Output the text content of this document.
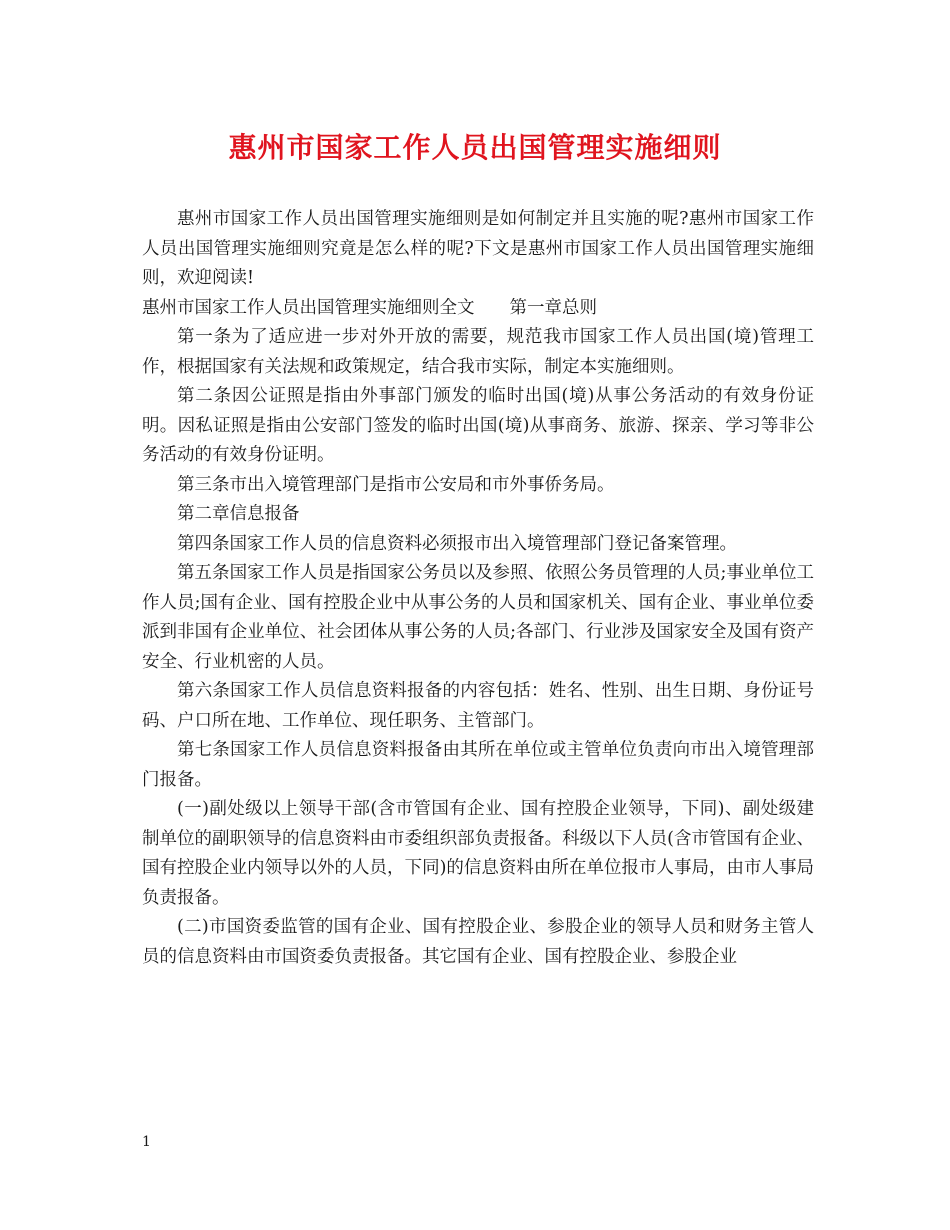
惠州市国家工作人员出国管理实施细则

惠州市国家工作人员出国管理实施细则是如何制定并且实施的呢?惠州市国家工作人员出国管理实施细则究竟是怎么样的呢?下文是惠州市国家工作人员出国管理实施细则，欢迎阅读!

惠州市国家工作人员出国管理实施细则全文　　第一章总则

第一条为了适应进一步对外开放的需要，规范我市国家工作人员出国(境)管理工作，根据国家有关法规和政策规定，结合我市实际，制定本实施细则。

第二条因公证照是指由外事部门颁发的临时出国(境)从事公务活动的有效身份证明。因私证照是指由公安部门签发的临时出国(境)从事商务、旅游、探亲、学习等非公务活动的有效身份证明。

第三条市出入境管理部门是指市公安局和市外事侨务局。

第二章信息报备

第四条国家工作人员的信息资料必须报市出入境管理部门登记备案管理。

第五条国家工作人员是指国家公务员以及参照、依照公务员管理的人员;事业单位工作人员;国有企业、国有控股企业中从事公务的人员和国家机关、国有企业、事业单位委派到非国有企业单位、社会团体从事公务的人员;各部门、行业涉及国家安全及国有资产安全、行业机密的人员。

第六条国家工作人员信息资料报备的内容包括：姓名、性别、出生日期、身份证号码、户口所在地、工作单位、现任职务、主管部门。

第七条国家工作人员信息资料报备由其所在单位或主管单位负责向市出入境管理部门报备。

(一)副处级以上领导干部(含市管国有企业、国有控股企业领导，下同)、副处级建制单位的副职领导的信息资料由市委组织部负责报备。科级以下人员(含市管国有企业、国有控股企业内领导以外的人员，下同)的信息资料由所在单位报市人事局，由市人事局负责报备。

(二)市国资委监管的国有企业、国有控股企业、参股企业的领导人员和财务主管人员的信息资料由市国资委负责报备。其它国有企业、国有控股企业、参股企业

1
